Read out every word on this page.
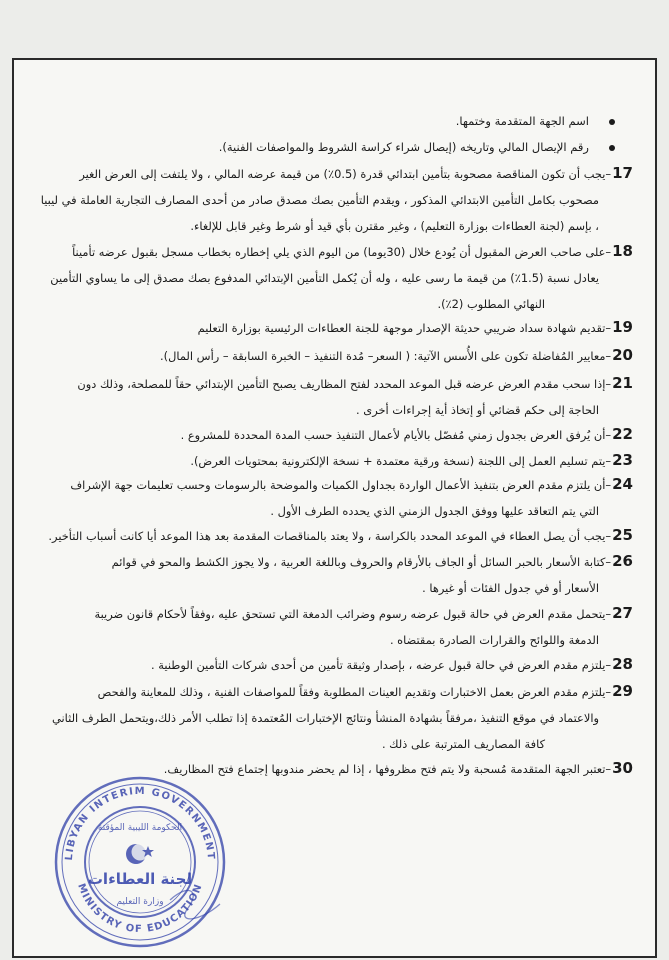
اسم الجهة المتقدمة وختمها.
رقم الإيصال المالي وتاريخه (إيصال شراء كراسة الشروط والمواصفات الفنية).
17–يجب أن تكون المناقصة مصحوبة بتأمين ابتدائي قدرة (0.5٪) من قيمة عرضه المالي ، ولا يلتفت إلى العرض الغير
مصحوب بكامل التأمين الابتدائي المذكور ، ويقدم التأمين بصك مصدق صادر من أحدى المصارف التجارية العاملة في ليبيا
، بإسم (لجنة العطاءات بوزارة التعليم) ، وغير مقترن بأي قيد أو شرط وغير قابل للإلغاء.
18–على صاحب العرض المقبول أن يُودع خلال (30يوما) من اليوم الذي يلي إخطاره بخطاب مسجل بقبول عرضه تأميناً
يعادل نسبة (1.5٪) من قيمة ما رسى عليه ، وله أن يُكمل التأمين الإبتدائي المدفوع بصك مصدق إلى ما يساوي التأمين
النهائي المطلوب (2٪).
19–تقديم شهادة سداد ضريبي حديثة الإصدار موجهة للجنة العطاءات الرئيسية بوزارة التعليم
20–معايير المُفاضلة تكون على الأُسس الآتية: ( السعر– مُدة التنفيذ – الخبرة السابقة – رأس المال).
21–إذا سحب مقدم العرض عرضه قبل الموعد المحدد لفتح المظاريف يصبح التأمين الإبتدائي حقاً للمصلحة، وذلك دون
الحاجة إلى حكم قضائي أو إتخاذ أية إجراءات أخرى .
22–أن يُرفق العرض بجدول زمني مُفصّل بالأيام لأعمال التنفيذ حسب المدة المحددة للمشروع .
23–يتم تسليم العمل إلى اللجنة (نسخة ورقية معتمدة + نسخة الإلكترونية بمحتويات العرض).
24–أن يلتزم مقدم العرض بتنفيذ الأعمال الواردة بجداول الكميات والموضحة بالرسومات وحسب تعليمات جهة الإشراف
التي يتم التعاقد عليها ووفق الجدول الزمني الذي يحدده الطرف الأول .
25–يجب أن يصل العطاء في الموعد المحدد بالكراسة ، ولا يعتد بالمناقصات المقدمة بعد هذا الموعد أيا كانت أسباب التأخير.
26–كتابة الأسعار بالحبر السائل أو الجاف بالأرقام والحروف وباللغة العربية ، ولا يجوز الكشط والمحو في قوائم
الأسعار أو في جدول الفئات أو غيرها .
27–يتحمل مقدم العرض في حالة قبول عرضه رسوم وضرائب الدمغة التي تستحق عليه ،وفقاً لأحكام قانون ضريبة
الدمغة واللوائح والقرارات الصادرة بمقتضاه .
28–يلتزم مقدم العرض في حالة قبول عرضه ، بإصدار وثيقة تأمين من أحدى شركات التأمين الوطنية .
29–يلتزم مقدم العرض بعمل الاختبارات وتقديم العينات المطلوبة وفقاً للمواصفات الفنية ، وذلك للمعاينة والفحص
والاعتماد في موقع التنفيذ ،مرفقاً بشهادة المنشأ ونتائج الإختبارات المُعتمدة إذا تطلب الأمر ذلك،ويتحمل الطرف الثاني
كافة المصاريف المترتبة على ذلك .
30–تعتبر الجهة المتقدمة مُسحبة ولا يتم فتح مظروفها ، إذا لم يحضر مندوبها إجتماع فتح المظاريف.
LIBYAN INTERIM GOVERNMENT
MINISTRY OF EDUCATION
الحكومة الليبية المؤقتة
لجنة العطاءات
وزارة التعليم
